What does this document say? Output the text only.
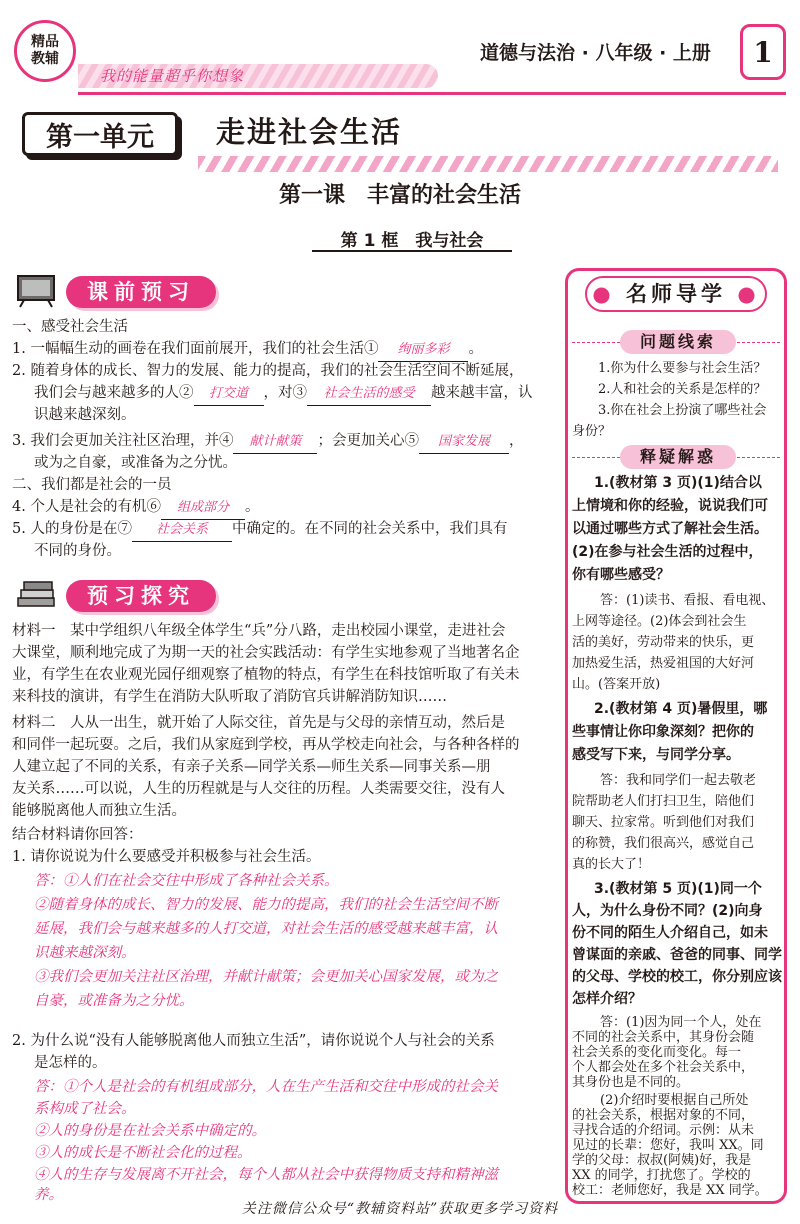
精品
教辅
我的能量超乎你想象
道德与法治 · 八年级 · 上册	1
第一单元	走进社会生活
第一课　丰富的社会生活
第 1 框　我与社会
课前预习
一、感受社会生活
1. 一幅幅生动的画卷在我们面前展开，我们的社会生活① 绚丽多彩 。
2. 随着身体的成长、智力的发展、能力的提高，我们的社会生活空间不断延展，
我们会与越来越多的人② 打交道 ，对③ 社会生活的感受 越来越丰富，认
识越来越深刻。
3. 我们会更加关注社区治理，并④ 献计献策 ；会更加关心⑤ 国家发展 ，
或为之自豪，或准备为之分忧。
二、我们都是社会的一员
4. 个人是社会的有机⑥ 组成部分 。
5. 人的身份是在⑦ 社会关系 中确定的。在不同的社会关系中，我们具有
不同的身份。
预习探究
材料一　某中学组织八年级全体学生“兵”分八路，走出校园小课堂，走进社会
大课堂，顺利地完成了为期一天的社会实践活动：有学生实地参观了当地著名企
业，有学生在农业观光园仔细观察了植物的特点，有学生在科技馆听取了有关未
来科技的演讲，有学生在消防大队听取了消防官兵讲解消防知识……
材料二　人从一出生，就开始了人际交往，首先是与父母的亲情互动，然后是
和同伴一起玩耍。之后，我们从家庭到学校，再从学校走向社会，与各种各样的
人建立起了不同的关系，有亲子关系—同学关系—师生关系—同事关系—朋
友关系……可以说，人生的历程就是与人交往的历程。人类需要交往，没有人
能够脱离他人而独立生活。
结合材料请你回答：
1. 请你说说为什么要感受并积极参与社会生活。
答：①人们在社会交往中形成了各种社会关系。
②随着身体的成长、智力的发展、能力的提高，我们的社会生活空间不断
延展，我们会与越来越多的人打交道，对社会生活的感受越来越丰富，认
识越来越深刻。
③我们会更加关注社区治理，并献计献策；会更加关心国家发展，或为之
自豪，或准备为之分忧。
2. 为什么说“没有人能够脱离他人而独立生活”，请你说说个人与社会的关系
是怎样的。
答：①个人是社会的有机组成部分，人在生产生活和交往中形成的社会关
系构成了社会。
②人的身份是在社会关系中确定的。
③人的成长是不断社会化的过程。
④人的生存与发展离不开社会，每个人都从社会中获得物质支持和精神滋
养。
● 名师导学 ●
问题线索
1.你为什么要参与社会生活？
2.人和社会的关系是怎样的？
3.你在社会上扮演了哪些社会
身份？
释疑解惑
1.(教材第 3 页)(1)结合以
上情境和你的经验，说说我们可
以通过哪些方式了解社会生活。
(2)在参与社会生活的过程中，
你有哪些感受？
答：(1)读书、看报、看电视、
上网等途径。(2)体会到社会生
活的美好，劳动带来的快乐，更
加热爱生活，热爱祖国的大好河
山。(答案开放)
2.(教材第 4 页)暑假里，哪
些事情让你印象深刻？把你的
感受写下来，与同学分享。
答：我和同学们一起去敬老
院帮助老人们打扫卫生，陪他们
聊天、拉家常。听到他们对我们
的称赞，我们很高兴，感觉自己
真的长大了！
3.(教材第 5 页)(1)同一个
人，为什么身份不同？(2)向身
份不同的陌生人介绍自己，如未
曾谋面的亲戚、爸爸的同事、同学
的父母、学校的校工，你分别应该
怎样介绍？
答：(1)因为同一个人，处在
不同的社会关系中，其身份会随
社会关系的变化而变化。每一
个人都会处在多个社会关系中，
其身份也是不同的。
(2)介绍时要根据自己所处
的社会关系，根据对象的不同，
寻找合适的介绍词。示例：从未
见过的长辈：您好，我叫 XX。同
学的父母：叔叔(阿姨)好，我是
XX 的同学，打扰您了。学校的
校工：老师您好，我是 XX 同学。
关注微信公众号“教辅资料站”获取更多学习资料
